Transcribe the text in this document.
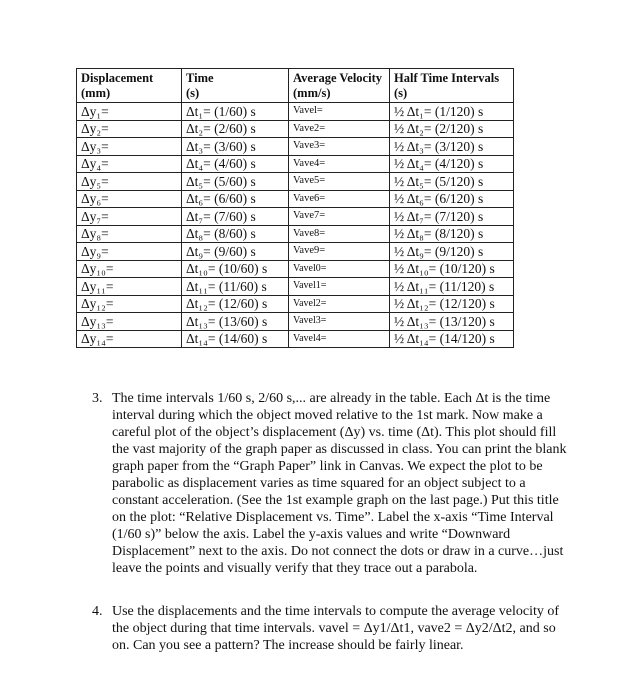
Displacement	Time	Average Velocity	Half Time Intervals
(mm)	(s)	(mm/s)	(s)
Δy₁=	Δt₁= (1/60) s	Vavel=	½ Δt₁= (1/120) s
Δy₂=	Δt₂= (2/60) s	Vave2=	½ Δt₂= (2/120) s
Δy₃=	Δt₃= (3/60) s	Vave3=	½ Δt₃= (3/120) s
Δy₄=	Δt₄= (4/60) s	Vave4=	½ Δt₄= (4/120) s
Δy₅=	Δt₅= (5/60) s	Vave5=	½ Δt₅= (5/120) s
Δy₆=	Δt₆= (6/60) s	Vave6=	½ Δt₆= (6/120) s
Δy₇=	Δt₇= (7/60) s	Vave7=	½ Δt₇= (7/120) s
Δy₈=	Δt₈= (8/60) s	Vave8=	½ Δt₈= (8/120) s
Δy₉=	Δt₉= (9/60) s	Vave9=	½ Δt₉= (9/120) s
Δy₁₀=	Δt₁₀= (10/60) s	Vavel0=	½ Δt₁₀= (10/120) s
Δy₁₁=	Δt₁₁= (11/60) s	Vavel1=	½ Δt₁₁= (11/120) s
Δy₁₂=	Δt₁₂= (12/60) s	Vavel2=	½ Δt₁₂= (12/120) s
Δy₁₃=	Δt₁₃= (13/60) s	Vavel3=	½ Δt₁₃= (13/120) s
Δy₁₄=	Δt₁₄= (14/60) s	Vavel4=	½ Δt₁₄= (14/120) s
3. The time intervals 1/60 s, 2/60 s,... are already in the table. Each Δt is the time interval during which the object moved relative to the 1st mark. Now make a careful plot of the object’s displacement (Δy) vs. time (Δt). This plot should fill the vast majority of the graph paper as discussed in class. You can print the blank graph paper from the “Graph Paper” link in Canvas. We expect the plot to be parabolic as displacement varies as time squared for an object subject to a constant acceleration. (See the 1st example graph on the last page.) Put this title on the plot: “Relative Displacement vs. Time”. Label the x-axis “Time Interval (1/60 s)” below the axis. Label the y-axis values and write “Downward Displacement” next to the axis. Do not connect the dots or draw in a curve…just leave the points and visually verify that they trace out a parabola.
4. Use the displacements and the time intervals to compute the average velocity of the object during that time intervals. vavel = Δy1/Δt1, vave2 = Δy2/Δt2, and so on. Can you see a pattern? The increase should be fairly linear.
